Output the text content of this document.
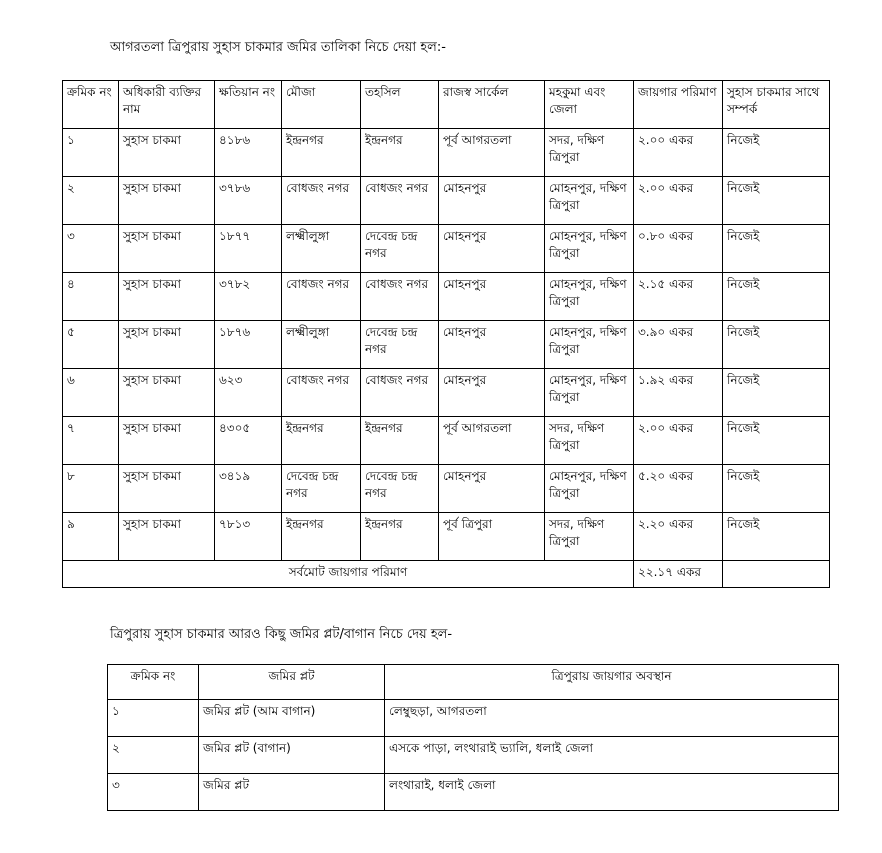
আগরতলা ত্রিপুরায় সুহাস চাকমার জমির তালিকা নিচে দেয়া হল:-
ক্রমিক নং	অধিকারী ব্যক্তির নাম	ক্ষতিয়ান নং	মৌজা	তহসিল	রাজস্ব সার্কেল	মহকুমা এবং জেলা	জায়গার পরিমাণ	সুহাস চাকমার সাথে সম্পর্ক
১	সুহাস চাকমা	৪১৮৬	ইন্দ্রনগর	ইন্দ্রনগর	পূর্ব আগরতলা	সদর, দক্ষিণ ত্রিপুরা	২.০০ একর	নিজেই
২	সুহাস চাকমা	৩৭৮৬	বোধজং নগর	বোধজং নগর	মোহনপুর	মোহনপুর, দক্ষিণ ত্রিপুরা	২.০০ একর	নিজেই
৩	সুহাস চাকমা	১৮৭৭	লক্ষ্মীলুঙ্গা	দেবেন্দ্র চন্দ্র নগর	মোহনপুর	মোহনপুর, দক্ষিণ ত্রিপুরা	০.৮০ একর	নিজেই
৪	সুহাস চাকমা	৩৭৮২	বোধজং নগর	বোধজং নগর	মোহনপুর	মোহনপুর, দক্ষিণ ত্রিপুরা	২.১৫ একর	নিজেই
৫	সুহাস চাকমা	১৮৭৬	লক্ষ্মীলুঙ্গা	দেবেন্দ্র চন্দ্র নগর	মোহনপুর	মোহনপুর, দক্ষিণ ত্রিপুরা	৩.৯০ একর	নিজেই
৬	সুহাস চাকমা	৬২৩	বোধজং নগর	বোধজং নগর	মোহনপুর	মোহনপুর, দক্ষিণ ত্রিপুরা	১.৯২ একর	নিজেই
৭	সুহাস চাকমা	৪৩০৫	ইন্দ্রনগর	ইন্দ্রনগর	পূর্ব আগরতলা	সদর, দক্ষিণ ত্রিপুরা	২.০০ একর	নিজেই
৮	সুহাস চাকমা	৩৪১৯	দেবেন্দ্র চন্দ্র নগর	দেবেন্দ্র চন্দ্র নগর	মোহনপুর	মোহনপুর, দক্ষিণ ত্রিপুরা	৫.২০ একর	নিজেই
৯	সুহাস চাকমা	৭৮১৩	ইন্দ্রনগর	ইন্দ্রনগর	পূর্ব ত্রিপুরা	সদর, দক্ষিণ ত্রিপুরা	২.২০ একর	নিজেই
সর্বমোট জায়গার পরিমাণ							২২.১৭ একর	
ত্রিপুরায় সুহাস চাকমার আরও কিছু জমির প্লট/বাগান নিচে দেয় হল-
ক্রমিক নং	জমির প্লট	ত্রিপুরায় জায়গার অবস্থান
১	জমির প্লট (আম বাগান)	লেম্বুছড়া, আগরতলা
২	জমির প্লট (বাগান)	এসকে পাড়া, লংথারাই ভ্যালি, ধলাই জেলা
৩	জমির প্লট	লংথারাই, ধলাই জেলা
